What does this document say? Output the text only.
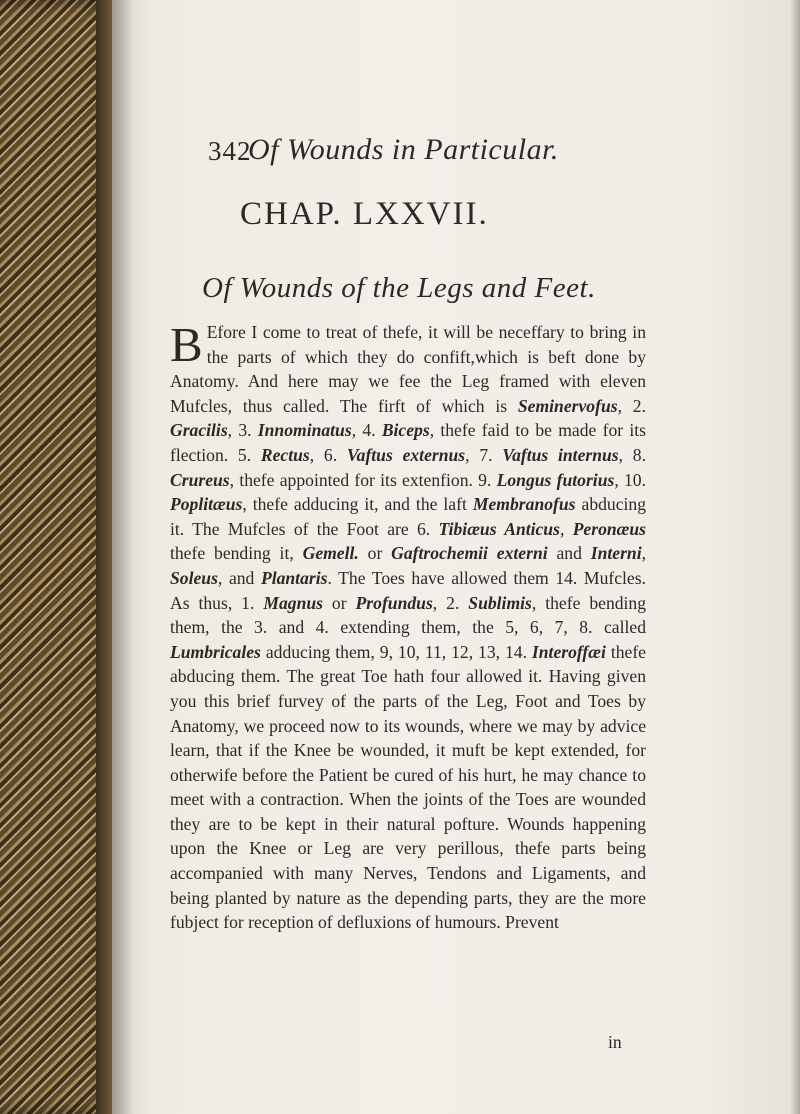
342
Of Wounds in Particular.
CHAP. LXXVII.
Of Wounds of the Legs and Feet.
B Efore I come to treat of thefe, it will be neceffary to bring in the parts of which they do confift,which is beft done by Anatomy. And here may we fee the Leg framed with eleven Mufcles, thus called. The firft of which is Seminervofus, 2. Gracilis, 3. Innominatus, 4. Biceps, thefe faid to be made for its flection. 5. Rectus, 6. Vaftus externus, 7. Vaftus internus, 8. Crureus, thefe appointed for its extenfion. 9. Longus futorius, 10. Poplitæus, thefe adducing it, and the laft Membranofus abducing it. The Mufcles of the Foot are 6. Tibiæus Anticus, Peronæus thefe bending it, Gemell. or Gaftrochemii externi and Interni, Soleus, and Plantaris. The Toes have allowed them 14. Mufcles. As thus, 1. Magnus or Profundus, 2. Sublimis, thefe bending them, the 3. and 4. extending them, the 5, 6, 7, 8. called Lumbricales adducing them, 9, 10, 11, 12, 13, 14. Interoffæi thefe abducing them. The great Toe hath four allowed it. Having given you this brief furvey of the parts of the Leg, Foot and Toes by Anatomy, we proceed now to its wounds, where we may by advice learn, that if the Knee be wounded, it muft be kept extended, for otherwife before the Patient be cured of his hurt, he may chance to meet with a contraction. When the joints of the Toes are wounded they are to be kept in their natural pofture. Wounds happening upon the Knee or Leg are very perillous, thefe parts being accompanied with many Nerves, Tendons and Ligaments, and being planted by nature as the depending parts, they are the more fubject for reception of defluxions of humours. Prevent
in
